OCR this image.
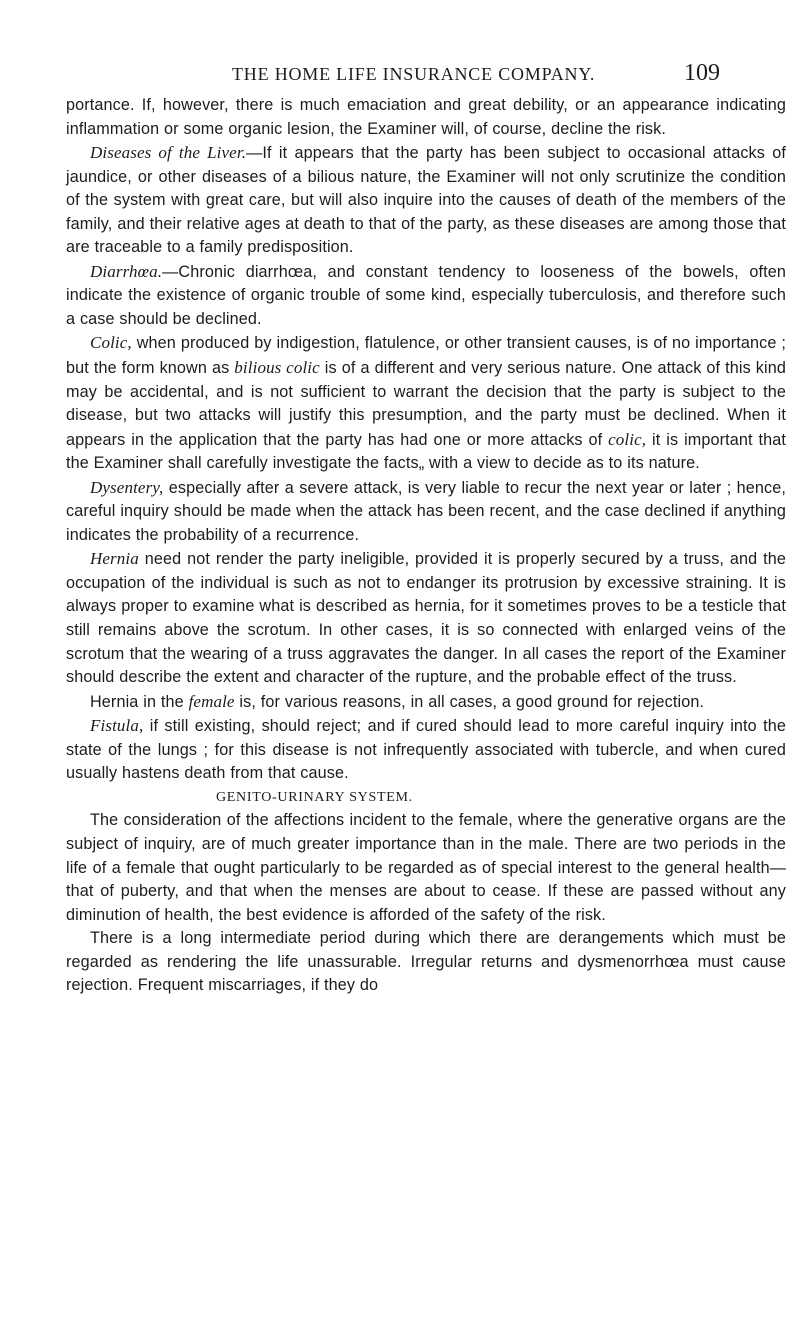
THE HOME LIFE INSURANCE COMPANY.	109

portance. If, however, there is much emaciation and great debility, or an appearance indicating inflammation or some organic lesion, the Examiner will, of course, decline the risk.

Diseases of the Liver.—If it appears that the party has been subject to occasional attacks of jaundice, or other diseases of a bilious nature, the Examiner will not only scrutinize the condition of the system with great care, but will also inquire into the causes of death of the members of the family, and their relative ages at death to that of the party, as these diseases are among those that are traceable to a family predisposition.

Diarrhœa.—Chronic diarrhœa, and constant tendency to looseness of the bowels, often indicate the existence of organic trouble of some kind, especially tuberculosis, and therefore such a case should be declined.

Colic, when produced by indigestion, flatulence, or other transient causes, is of no importance ; but the form known as bilious colic is of a different and very serious nature. One attack of this kind may be accidental, and is not sufficient to warrant the decision that the party is subject to the disease, but two attacks will justify this presumption, and the party must be declined. When it appears in the application that the party has had one or more attacks of colic, it is important that the Examiner shall carefully investigate the facts„ with a view to decide as to its nature.

Dysentery, especially after a severe attack, is very liable to recur the next year or later ; hence, careful inquiry should be made when the attack has been recent, and the case declined if anything indicates the probability of a recurrence.

Hernia need not render the party ineligible, provided it is properly secured by a truss, and the occupation of the individual is such as not to endanger its protrusion by excessive straining. It is always proper to examine what is described as hernia, for it sometimes proves to be a testicle that still remains above the scrotum. In other cases, it is so connected with enlarged veins of the scrotum that the wearing of a truss aggravates the danger. In all cases the report of the Examiner should describe the extent and character of the rupture, and the probable effect of the truss.

Hernia in the female is, for various reasons, in all cases, a good ground for rejection.

Fistula, if still existing, should reject; and if cured should lead to more careful inquiry into the state of the lungs ; for this disease is not infrequently associated with tubercle, and when cured usually hastens death from that cause.

GENITO-URINARY SYSTEM.

The consideration of the affections incident to the female, where the generative organs are the subject of inquiry, are of much greater importance than in the male. There are two periods in the life of a female that ought particularly to be regarded as of special interest to the general health—that of puberty, and that when the menses are about to cease. If these are passed without any diminution of health, the best evidence is afforded of the safety of the risk.

There is a long intermediate period during which there are derangements which must be regarded as rendering the life unassurable. Irregular returns and dysmenorrhœa must cause rejection. Frequent miscarriages, if they do
